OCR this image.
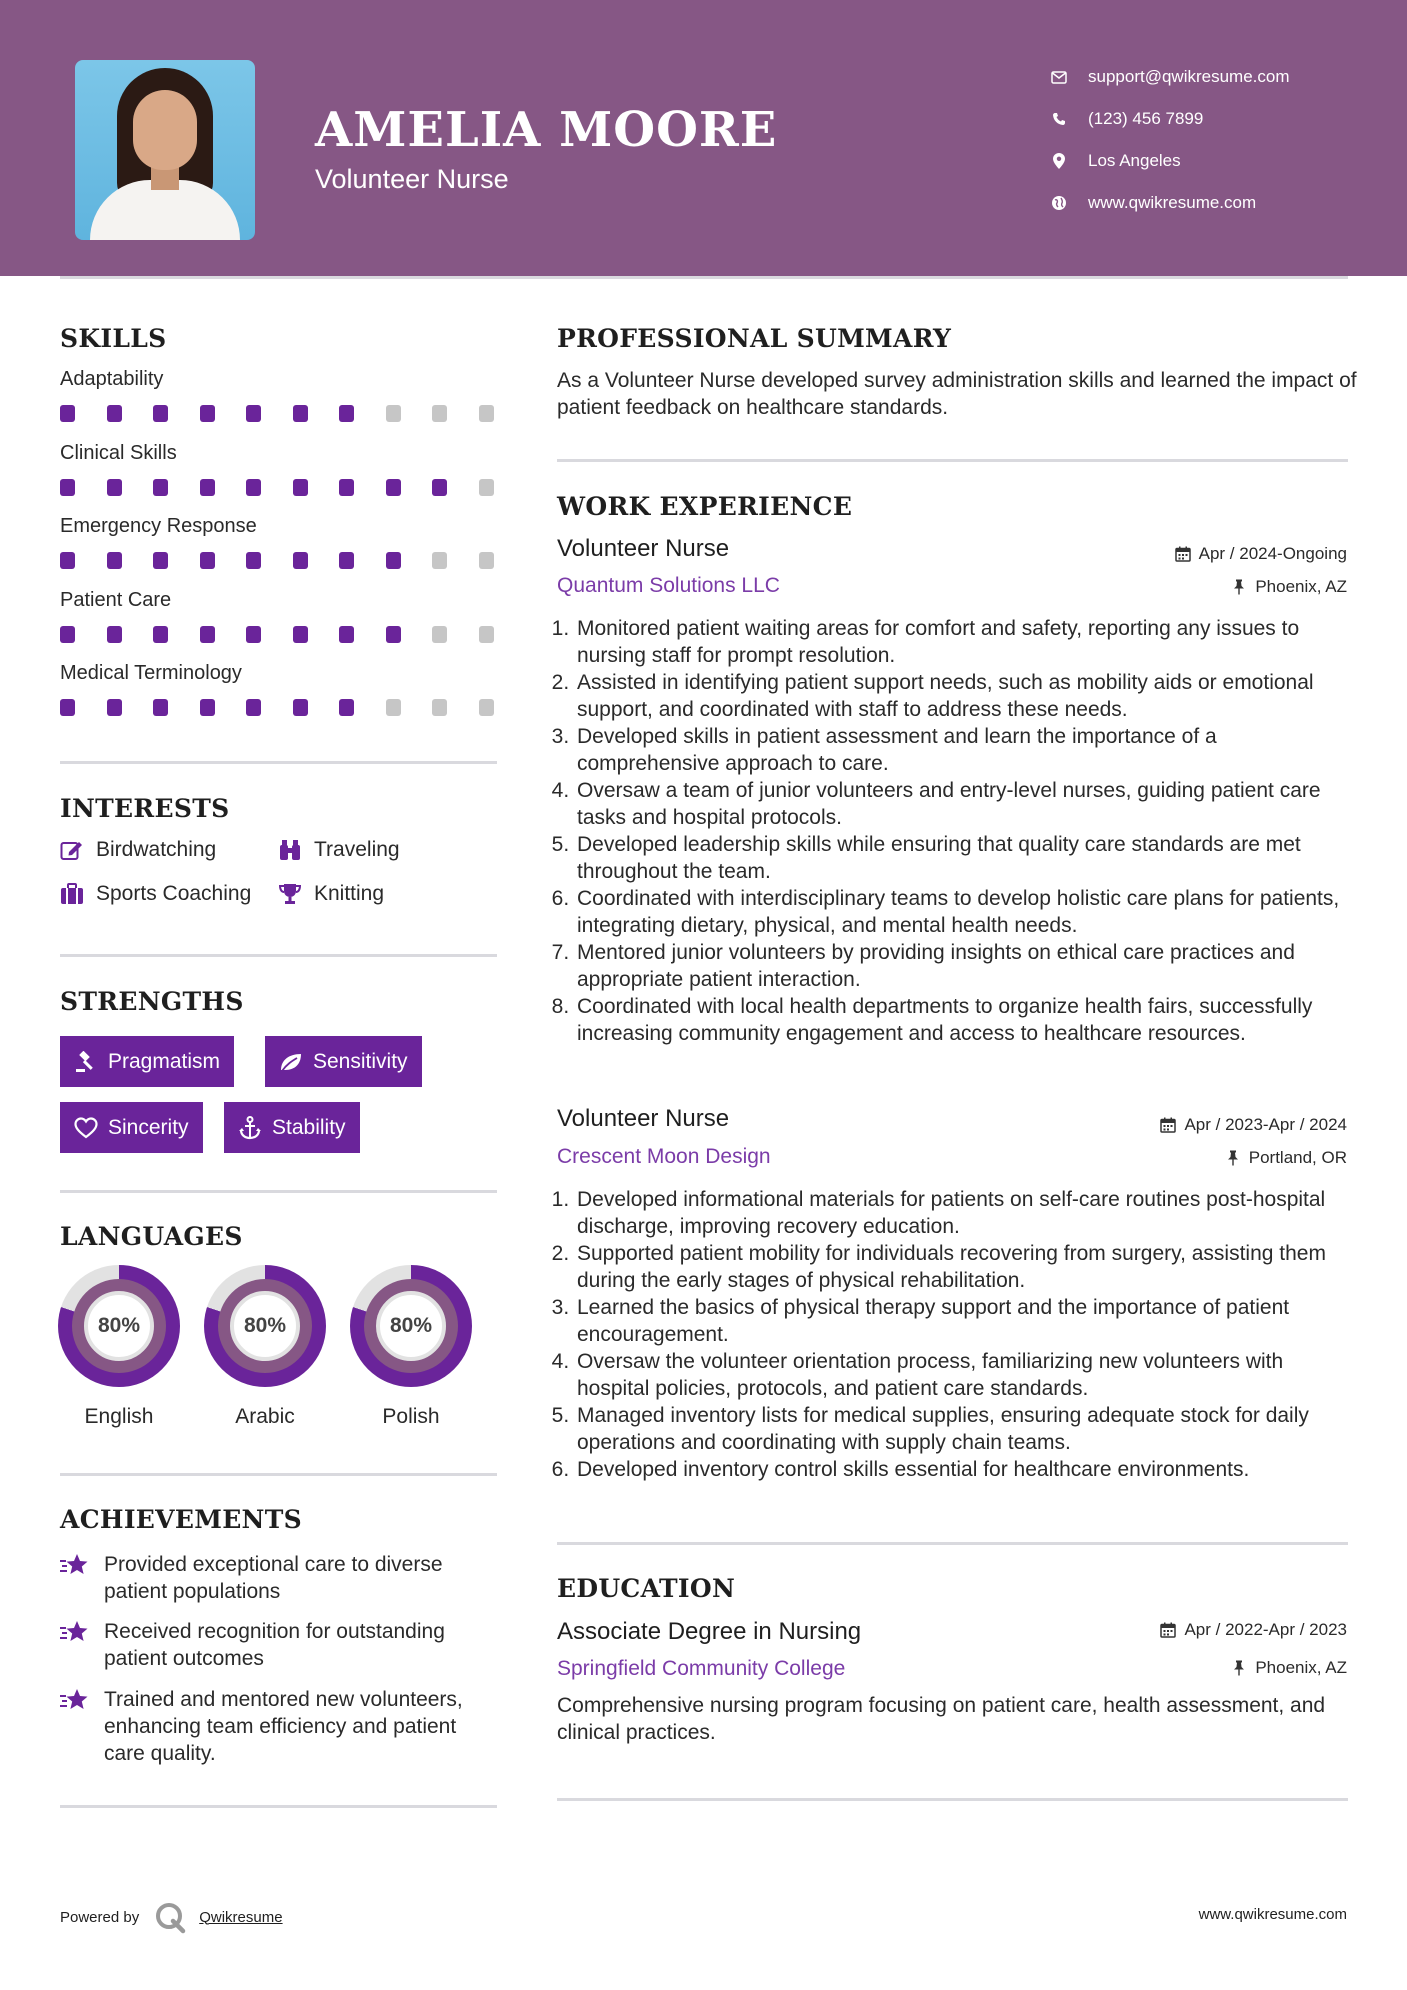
AMELIA MOORE
Volunteer Nurse
support@qwikresume.com
(123) 456 7899
Los Angeles
www.qwikresume.com
SKILLS
Adaptability
Clinical Skills
Emergency Response
Patient Care
Medical Terminology
INTERESTS
Birdwatching	Traveling
Sports Coaching	Knitting
STRENGTHS
Pragmatism	Sensitivity
Sincerity	Stability
LANGUAGES
80%
English
80%
Arabic
80%
Polish
ACHIEVEMENTS
Provided exceptional care to diverse patient populations
Received recognition for outstanding patient outcomes
Trained and mentored new volunteers, enhancing team efficiency and patient care quality.
PROFESSIONAL SUMMARY
As a Volunteer Nurse developed survey administration skills and learned the impact of patient feedback on healthcare standards.
WORK EXPERIENCE
Volunteer Nurse	Apr / 2024-Ongoing
Quantum Solutions LLC	Phoenix, AZ
1. Monitored patient waiting areas for comfort and safety, reporting any issues to nursing staff for prompt resolution.
2. Assisted in identifying patient support needs, such as mobility aids or emotional support, and coordinated with staff to address these needs.
3. Developed skills in patient assessment and learn the importance of a comprehensive approach to care.
4. Oversaw a team of junior volunteers and entry-level nurses, guiding patient care tasks and hospital protocols.
5. Developed leadership skills while ensuring that quality care standards are met throughout the team.
6. Coordinated with interdisciplinary teams to develop holistic care plans for patients, integrating dietary, physical, and mental health needs.
7. Mentored junior volunteers by providing insights on ethical care practices and appropriate patient interaction.
8. Coordinated with local health departments to organize health fairs, successfully increasing community engagement and access to healthcare resources.
Volunteer Nurse	Apr / 2023-Apr / 2024
Crescent Moon Design	Portland, OR
1. Developed informational materials for patients on self-care routines post-hospital discharge, improving recovery education.
2. Supported patient mobility for individuals recovering from surgery, assisting them during the early stages of physical rehabilitation.
3. Learned the basics of physical therapy support and the importance of patient encouragement.
4. Oversaw the volunteer orientation process, familiarizing new volunteers with hospital policies, protocols, and patient care standards.
5. Managed inventory lists for medical supplies, ensuring adequate stock for daily operations and coordinating with supply chain teams.
6. Developed inventory control skills essential for healthcare environments.
EDUCATION
Associate Degree in Nursing	Apr / 2022-Apr / 2023
Springfield Community College	Phoenix, AZ
Comprehensive nursing program focusing on patient care, health assessment, and clinical practices.
Powered by	Qwikresume	www.qwikresume.com
